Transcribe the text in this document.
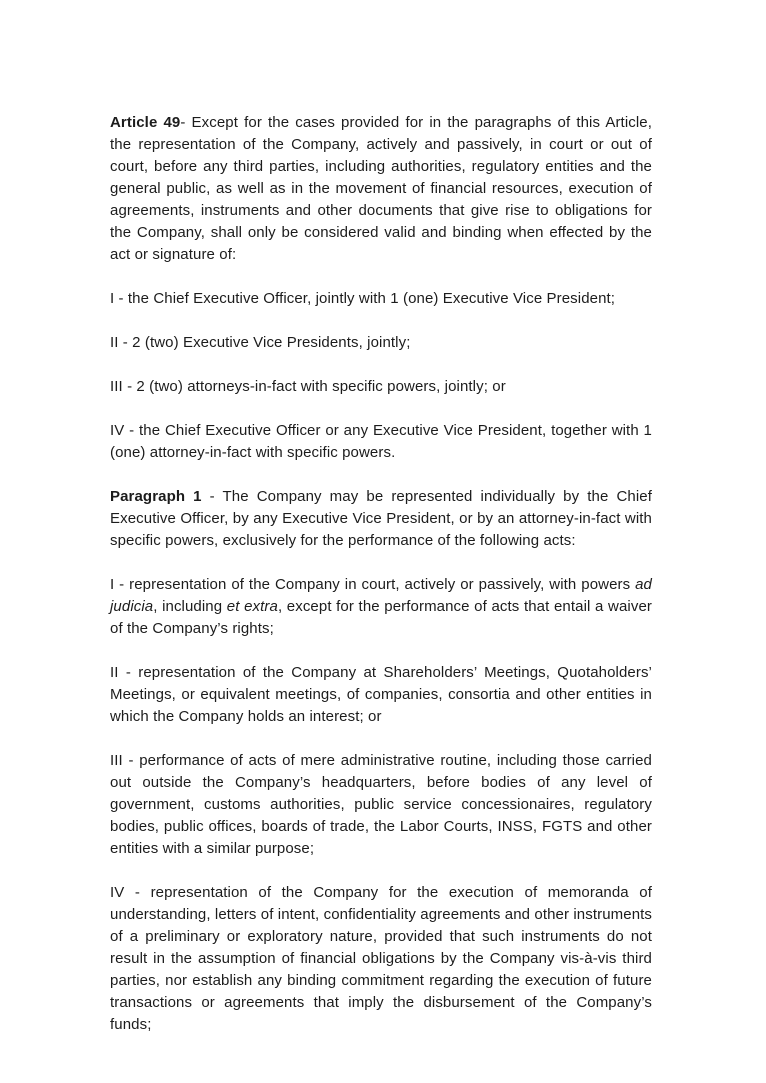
Article 49- Except for the cases provided for in the paragraphs of this Article, the representation of the Company, actively and passively, in court or out of court, before any third parties, including authorities, regulatory entities and the general public, as well as in the movement of financial resources, execution of agreements, instruments and other documents that give rise to obligations for the Company, shall only be considered valid and binding when effected by the act or signature of:

I - the Chief Executive Officer, jointly with 1 (one) Executive Vice President;

II - 2 (two) Executive Vice Presidents, jointly;

III - 2 (two) attorneys-in-fact with specific powers, jointly; or

IV - the Chief Executive Officer or any Executive Vice President, together with 1 (one) attorney-in-fact with specific powers.

Paragraph 1 - The Company may be represented individually by the Chief Executive Officer, by any Executive Vice President, or by an attorney-in-fact with specific powers, exclusively for the performance of the following acts:

I - representation of the Company in court, actively or passively, with powers ad judicia, including et extra, except for the performance of acts that entail a waiver of the Company’s rights;

II - representation of the Company at Shareholders’ Meetings, Quotaholders’ Meetings, or equivalent meetings, of companies, consortia and other entities in which the Company holds an interest; or

III - performance of acts of mere administrative routine, including those carried out outside the Company’s headquarters, before bodies of any level of government, customs authorities, public service concessionaires, regulatory bodies, public offices, boards of trade, the Labor Courts, INSS, FGTS and other entities with a similar purpose;

IV - representation of the Company for the execution of memoranda of understanding, letters of intent, confidentiality agreements and other instruments of a preliminary or exploratory nature, provided that such instruments do not result in the assumption of financial obligations by the Company vis-à-vis third parties, nor establish any binding commitment regarding the execution of future transactions or agreements that imply the disbursement of the Company’s funds;
